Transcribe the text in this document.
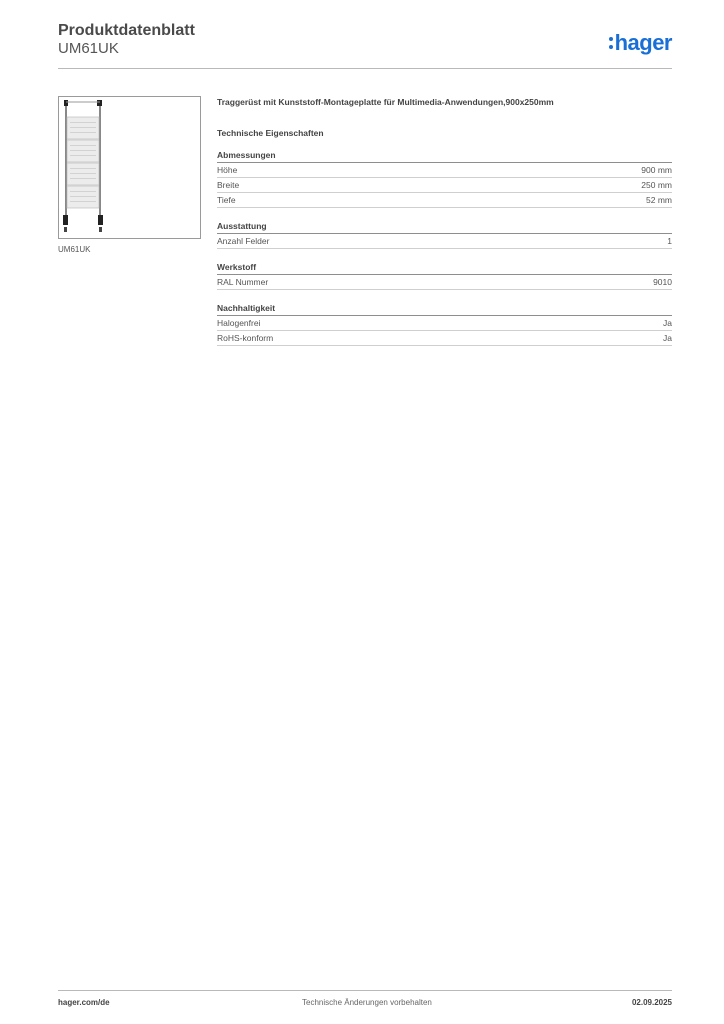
Produktdatenblatt
UM61UK	hager
UM61UK
Traggerüst mit Kunststoff-Montageplatte für Multimedia-Anwendungen,900x250mm
Technische Eigenschaften
Abmessungen
Höhe	900 mm
Breite	250 mm
Tiefe	52 mm
Ausstattung
Anzahl Felder	1
Werkstoff
RAL Nummer	9010
Nachhaltigkeit
Halogenfrei	Ja
RoHS-konform	Ja
hager.com/de	Technische Änderungen vorbehalten	02.09.2025
